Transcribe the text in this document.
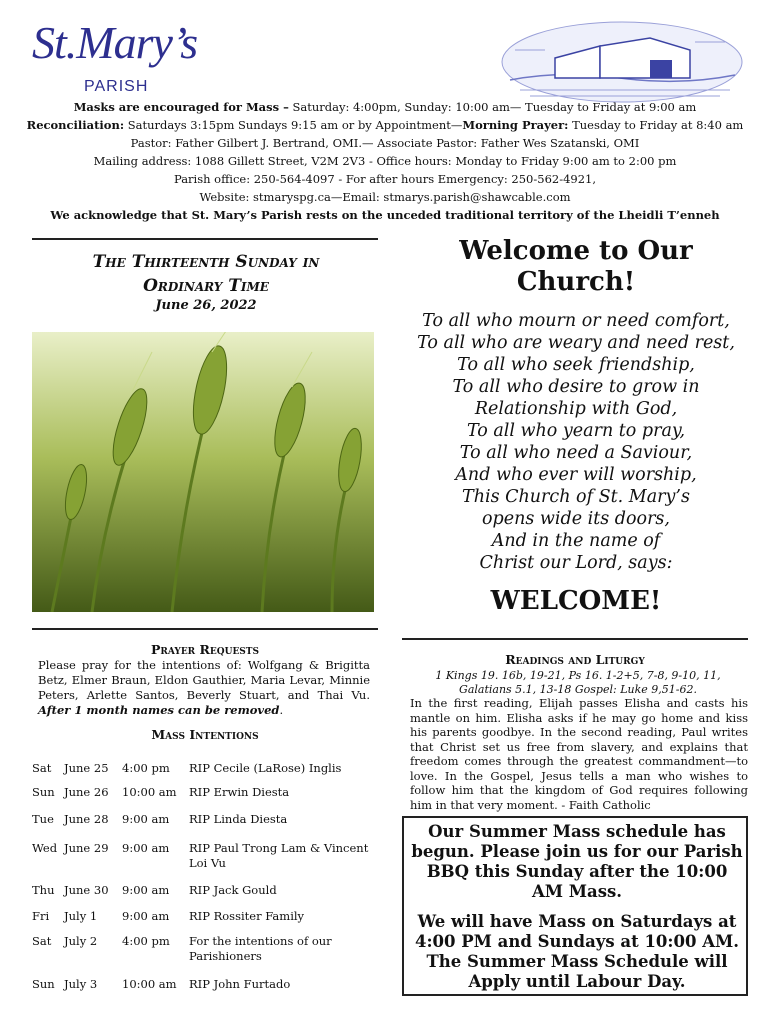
St.Mary’s
PARISH
Masks are encouraged for Mass – Saturday: 4:00pm, Sunday: 10:00 am— Tuesday to Friday at 9:00 am
Reconciliation: Saturdays 3:15pm Sundays 9:15 am or by Appointment—Morning Prayer: Tuesday to Friday at 8:40 am
Pastor: Father Gilbert J. Bertrand, OMI.— Associate Pastor: Father Wes Szatanski, OMI
Mailing address: 1088 Gillett Street, V2M 2V3 - Office hours: Monday to Friday 9:00 am to 2:00 pm
Parish office: 250-564-4097 - For after hours Emergency: 250-562-4921,
Website: stmaryspg.ca—Email: stmarys.parish@shawcable.com
We acknowledge that St. Mary’s Parish rests on the unceded traditional territory of the Lheidli T’enneh
The Thirteenth Sunday in
Ordinary Time
June 26, 2022
Prayer Requests
Please pray for the intentions of: Wolfgang & Brigitta Betz, Elmer Braun, Eldon Gauthier, Maria Levar, Minnie Peters, Arlette Santos, Beverly Stuart, and Thai Vu. After 1 month names can be removed.
Mass Intentions
Sat June 25 4:00 pm RIP Cecile (LaRose) Inglis
Sun June 26 10:00 am RIP Erwin Diesta
Tue June 28 9:00 am RIP Linda Diesta
Wed June 29 9:00 am RIP Paul Trong Lam & Vincent Loi Vu
Thu June 30 9:00 am RIP Jack Gould
Fri July 1 9:00 am RIP Rossiter Family
Sat July 2 4:00 pm For the intentions of our Parishioners
Sun July 3 10:00 am RIP John Furtado
Welcome to Our
Church!
To all who mourn or need comfort,
To all who are weary and need rest,
To all who seek friendship,
To all who desire to grow in
Relationship with God,
To all who yearn to pray,
To all who need a Saviour,
And who ever will worship,
This Church of St. Mary’s
opens wide its doors,
And in the name of
Christ our Lord, says:
WELCOME!
Readings and Liturgy
1 Kings 19. 16b, 19-21, Ps 16. 1-2+5, 7-8, 9-10, 11, Galatians 5.1, 13-18 Gospel: Luke 9,51-62.
In the first reading, Elijah passes Elisha and casts his mantle on him. Elisha asks if he may go home and kiss his parents goodbye. In the second reading, Paul writes that Christ set us free from slavery, and explains that freedom comes through the greatest commandment—to love. In the Gospel, Jesus tells a man who wishes to follow him that the kingdom of God requires following him in that very moment. - Faith Catholic
Our Summer Mass schedule has begun. Please join us for our Parish BBQ this Sunday after the 10:00 AM Mass.
We will have Mass on Saturdays at 4:00 PM and Sundays at 10:00 AM. The Summer Mass Schedule will Apply until Labour Day.
